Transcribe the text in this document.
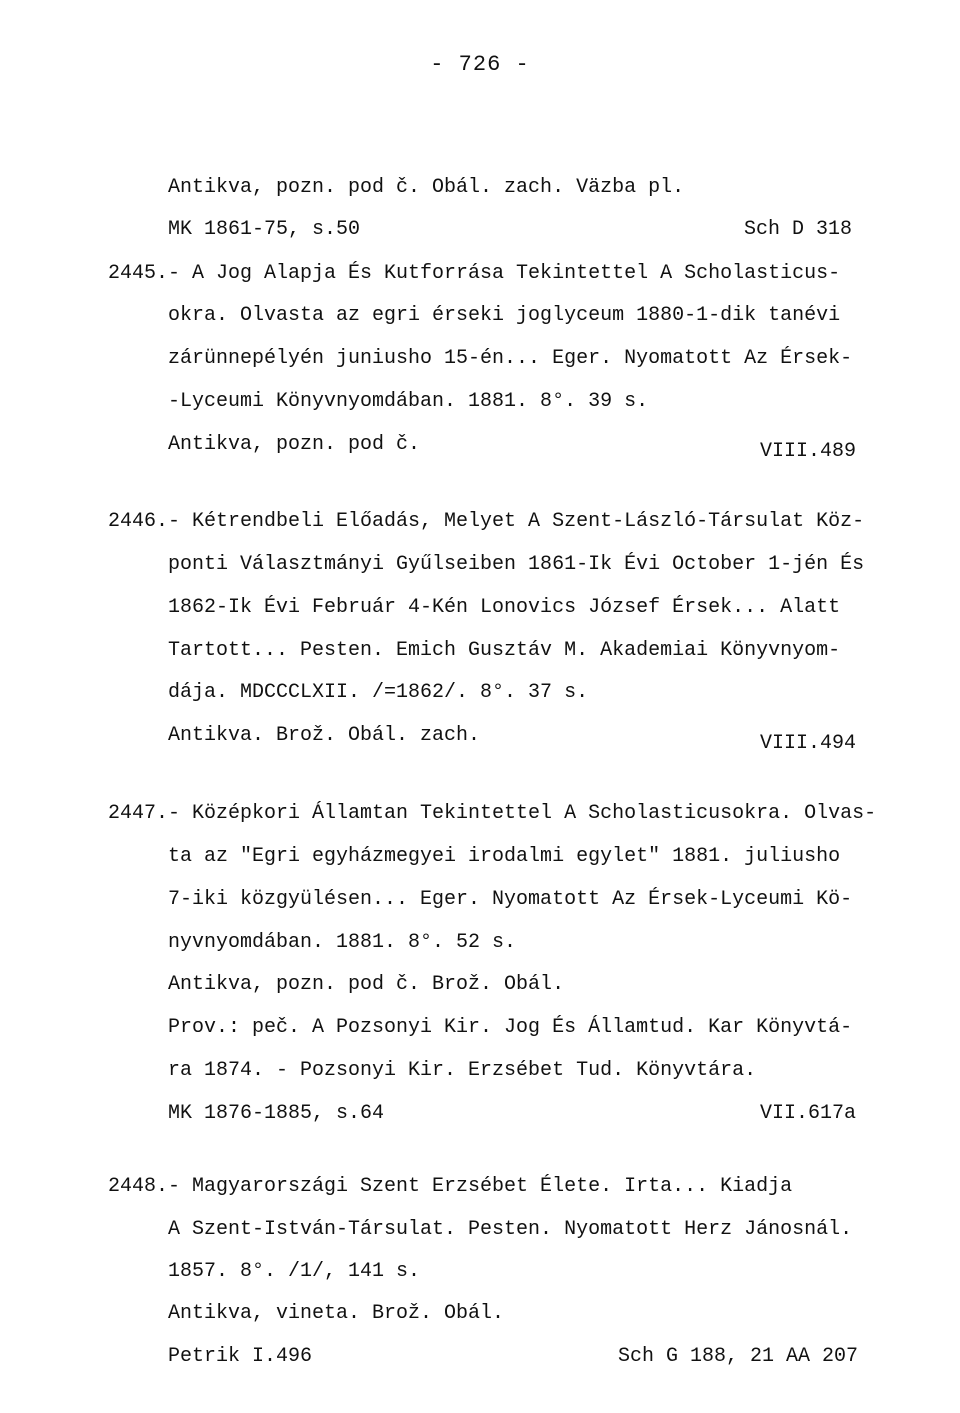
- 726 -
Antikva, pozn. pod č. Obál. zach. Väzba pl.
MK 1861-75, s.50	Sch D 318
2445. - A Jog Alapja És Kutforrása Tekintettel A Scholasticus-
okra. Olvasta az egri érseki joglyceum 1880-1-dik tanévi
zárünnepélyén juniusho 15-én... Eger. Nyomatott Az Érsek-
-Lyceumi Könyvnyomdában. 1881. 8°. 39 s.
Antikva, pozn. pod č.	VIII.489
2446. - Kétrendbeli Előadás, Melyet A Szent-László-Társulat Köz-
ponti Választmányi Gyűlseiben 1861-Ik Évi October 1-jén És
1862-Ik Évi Február 4-Kén Lonovics József Érsek... Alatt
Tartott... Pesten. Emich Gusztáv M. Akademiai Könyvnyom-
dája. MDCCCLXII. /=1862/. 8°. 37 s.
Antikva. Brož. Obál. zach.	VIII.494
2447. - Középkori Államtan Tekintettel A Scholasticusokra. Olvas-
ta az "Egri egyházmegyei irodalmi egylet" 1881. juliusho
7-iki közgyülésen... Eger. Nyomatott Az Érsek-Lyceumi Kö-
nyvnyomdában. 1881. 8°. 52 s.
Antikva, pozn. pod č. Brož. Obál.
Prov.: peč. A Pozsonyi Kir. Jog És Államtud. Kar Könyvtá-
ra 1874. - Pozsonyi Kir. Erzsébet Tud. Könyvtára.
MK 1876-1885, s.64	VII.617a
2448. - Magyarországi Szent Erzsébet Élete. Irta... Kiadja
A Szent-István-Társulat. Pesten. Nyomatott Herz Jánosnál.
1857. 8°. /1/, 141 s.
Antikva, vineta. Brož. Obál.
Petrik I.496	Sch G 188, 21 AA 207
